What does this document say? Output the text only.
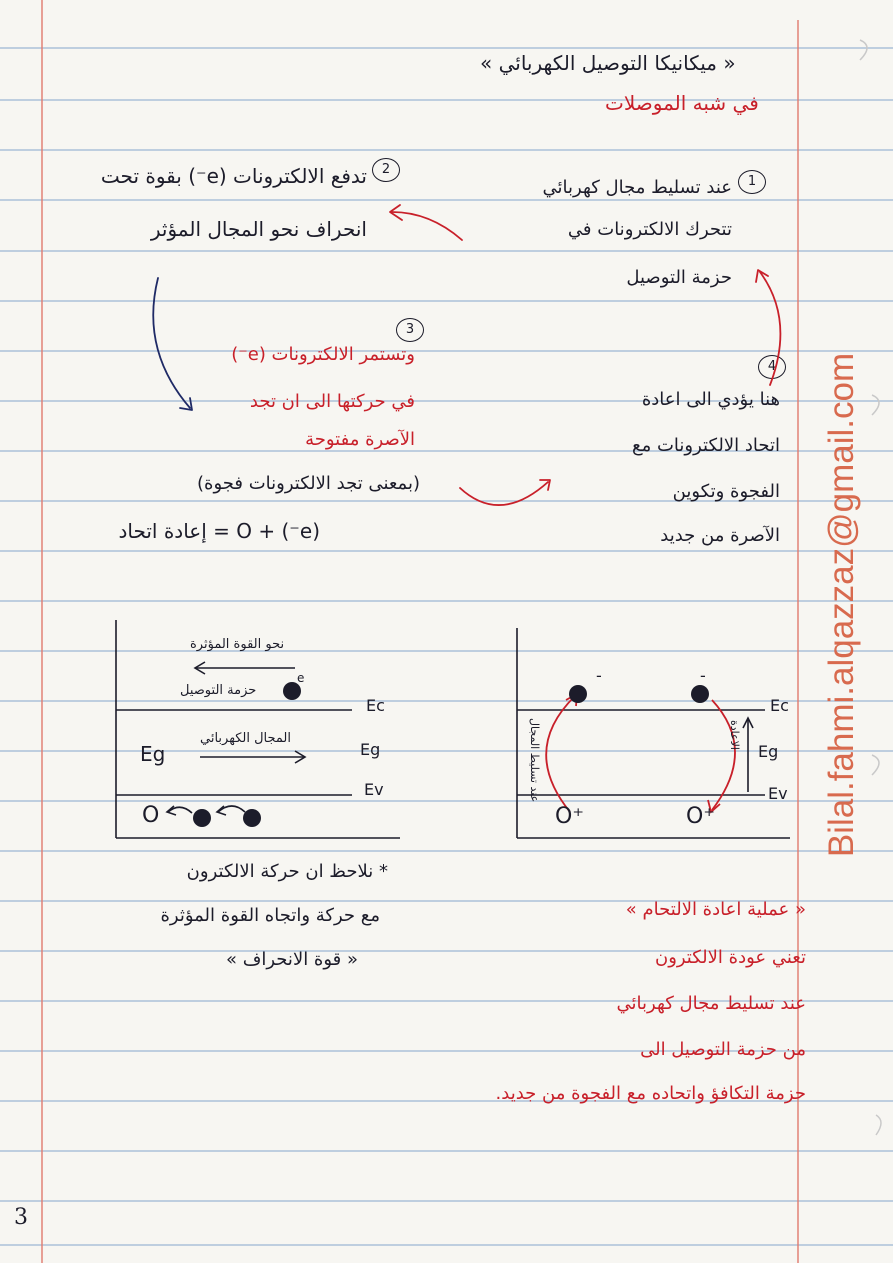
« ميكانيكا التوصيل الكهربائي »
في شبه الموصلات
1
عند تسليط مجال كهربائي
تتحرك الالكترونات في
حزمة التوصيل
2
تدفع الالكترونات (e⁻) بقوة تحت
انحراف نحو المجال المؤثر
3
وتستمر الالكترونات (e⁻)
في حركتها الى ان تجد
الآصرة مفتوحة
(بمعنى تجد الالكترونات فجوة)
(e⁻) + O = إعادة اتحاد
4
هنا يؤدي الى اعادة
اتحاد الالكترونات مع
الفجوة وتكوين
الآصرة من جديد
نحو القوة المؤثرة
حزمة التوصيل
e
المجال الكهربائي
Eg
Ec
Eg
Ev
O
-	-
Ec
Eg
Ev
O⁺	O⁺
عند تسليط المجال	الاعادة
* نلاحظ ان حركة الالكترون
مع حركة واتجاه القوة المؤثرة
« قوة الانحراف »
« عملية اعادة الالتحام »
تعني عودة الالكترون
عند تسليط مجال كهربائي
من حزمة التوصيل الى
حزمة التكافؤ واتحاده مع الفجوة من جديد.
Bilal.fahmi.alqazzaz@gmail.com
3
